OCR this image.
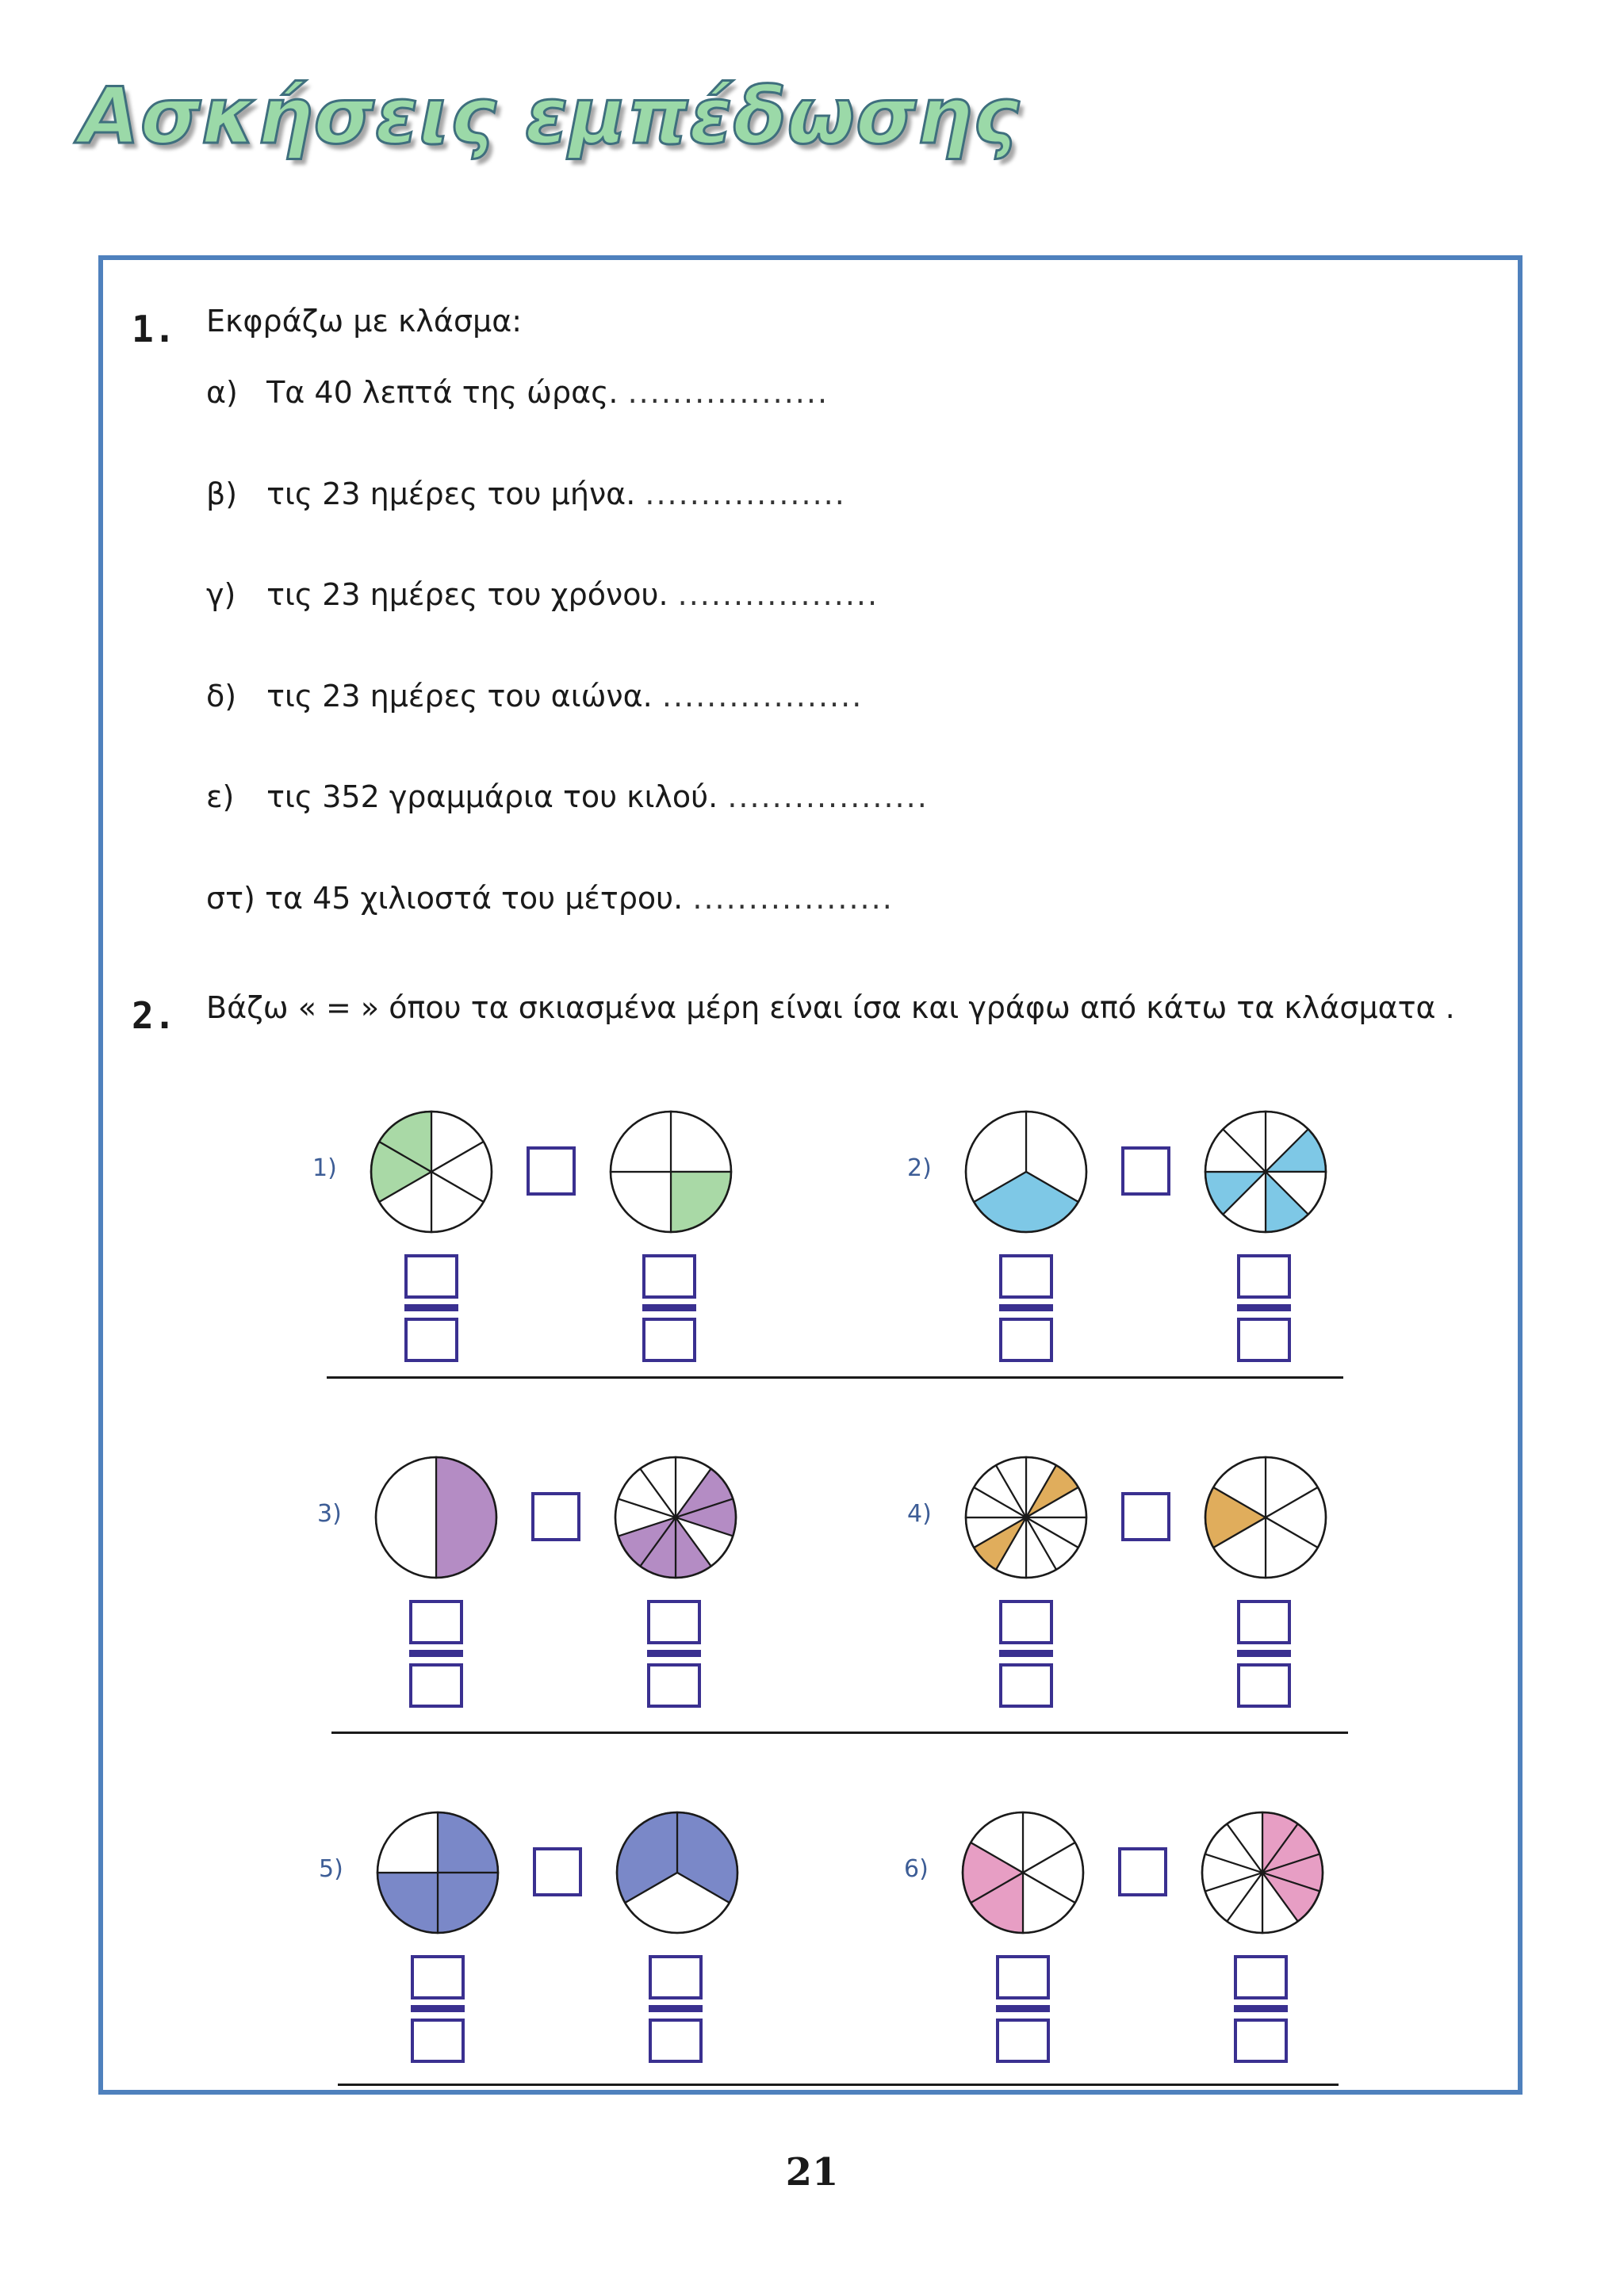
Ασκήσεις εμπέδωσης
1. Εκφράζω με κλάσμα:
α) Τα 40 λεπτά της ώρας. ..................
β) τις 23 ημέρες του μήνα. ..................
γ) τις 23 ημέρες του χρόνου. ..................
δ) τις 23 ημέρες του αιώνα. ..................
ε) τις 352 γραμμάρια του κιλού. ..................
στ) τα 45 χιλιοστά του μέτρου. ..................
2. Βάζω « = » όπου τα σκιασμένα μέρη είναι ίσα και γράφω από κάτω τα κλάσματα .
1)	2)
3)	4)
5)	6)
21
